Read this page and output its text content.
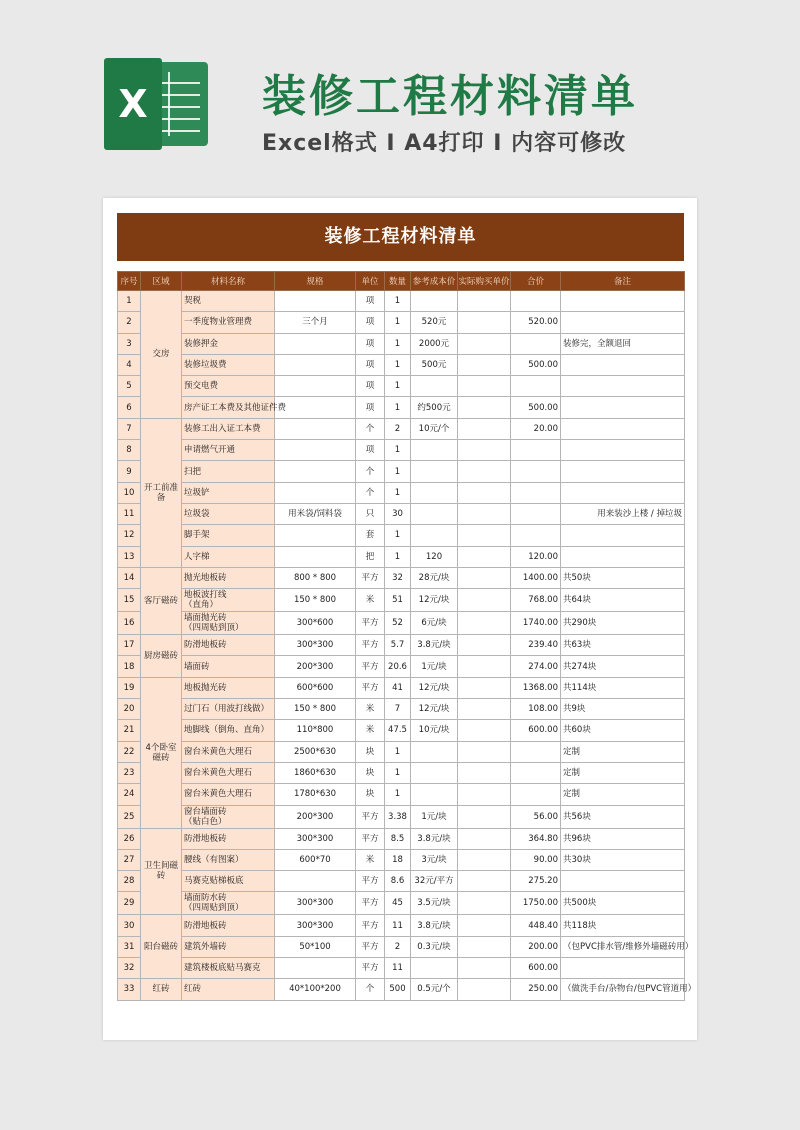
X	装修工程材料清单
Excel格式 I A4打印 I 内容可修改
装修工程材料清单
序号	区域	材料名称	规格	单位	数量	参考成本价	实际购买单价	合价	备注
1	交房	契税		项	1				
2		一季度物业管理费	三个月	项	1	520元		520.00	
3		装修押金		项	1	2000元			装修完，全额退回
4		装修垃圾费		项	1	500元		500.00	
5		预交电费		项	1				
6		房产证工本费及其他证件费		项	1	约500元		500.00	
7	开工前准备	装修工出入证工本费		个	2	10元/个		20.00	
8		申请燃气开通		项	1				
9		扫把		个	1				
10		垃圾铲		个	1				
11		垃圾袋	用米袋/饲料袋	只	30				用来装沙上楼 / 掉垃圾
12		脚手架		套	1				
13		人字梯		把	1	120		120.00	
14	客厅磁砖	抛光地板砖	800 * 800	平方	32	28元/块		1400.00	共50块
15		地板波打线
（直角）	150 * 800	米	51	12元/块		768.00	共64块
16		墙面抛光砖
（四周贴到顶）	300*600	平方	52	6元/块		1740.00	共290块
17	厨房磁砖	防滑地板砖	300*300	平方	5.7	3.8元/块		239.40	共63块
18		墙面砖	200*300	平方	20.6	1元/块		274.00	共274块
19	4个卧室
磁砖	地板抛光砖	600*600	平方	41	12元/块		1368.00	共114块
20		过门石（用波打线做）	150 * 800	米	7	12元/块		108.00	共9块
21		地脚线（倒角、直角）	110*800	米	47.5	10元/块		600.00	共60块
22		窗台米黄色大理石	2500*630	块	1				定制
23		窗台米黄色大理石	1860*630	块	1				定制
24		窗台米黄色大理石	1780*630	块	1				定制
25		窗台墙面砖
（贴白色）	200*300	平方	3.38	1元/块		56.00	共56块
26	卫生间磁砖	防滑地板砖	300*300	平方	8.5	3.8元/块		364.80	共96块
27		腰线（有图案）	600*70	米	18	3元/块		90.00	共30块
28		马赛克贴梯板底		平方	8.6	32元/平方		275.20	
29		墙面防水砖
（四周贴到顶）	300*300	平方	45	3.5元/块		1750.00	共500块
30	阳台磁砖	防滑地板砖	300*300	平方	11	3.8元/块		448.40	共118块
31		建筑外墙砖	50*100	平方	2	0.3元/块		200.00	（包PVC排水管/维修外墙磁砖用）
32		建筑楼板底贴马赛克		平方	11			600.00	
33	红砖	红砖	40*100*200	个	500	0.5元/个		250.00	（做洗手台/杂物台/包PVC管道用）
